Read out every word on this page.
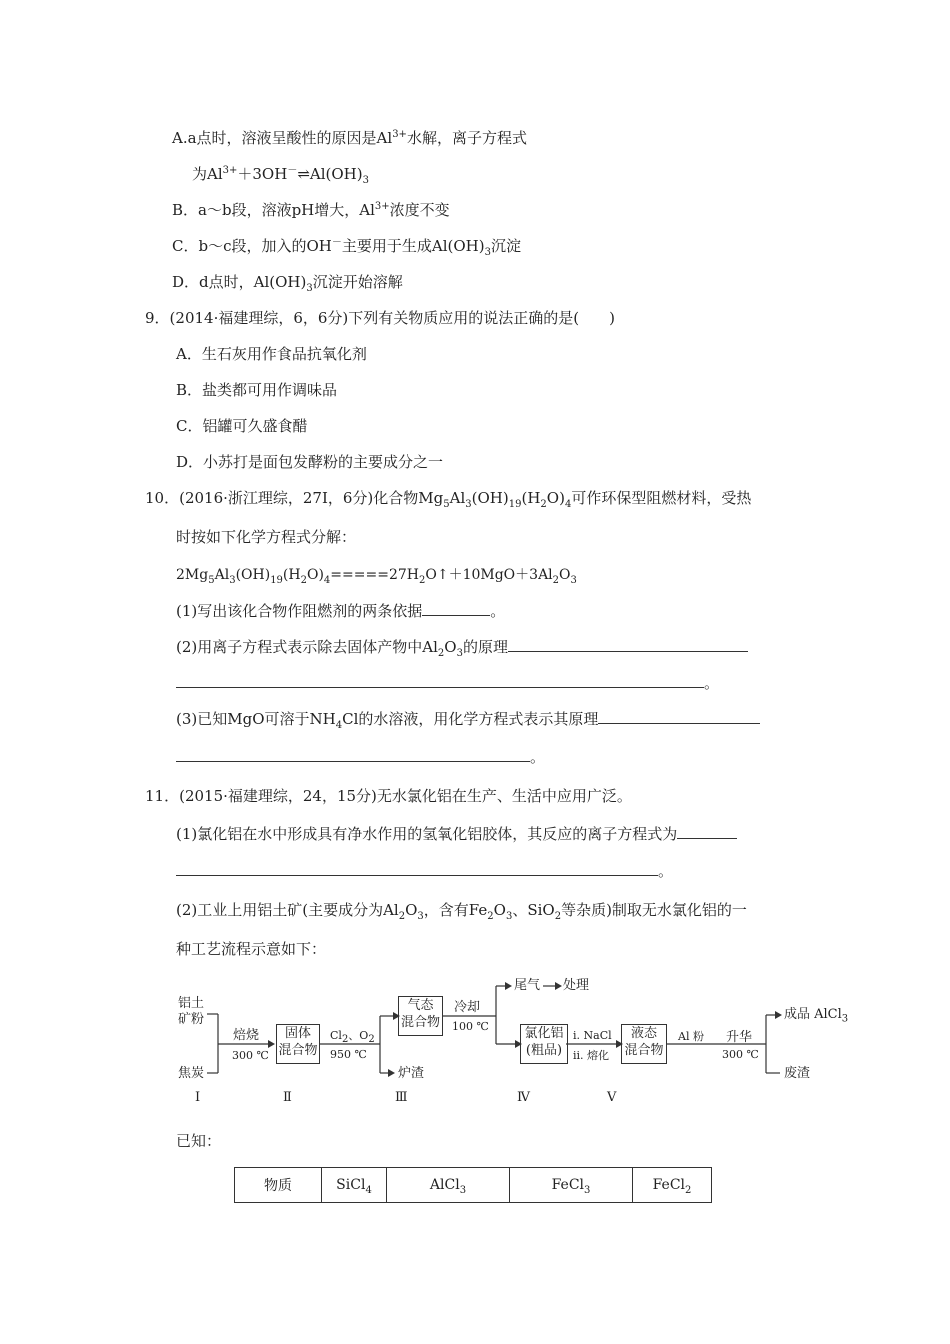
A.a点时，溶液呈酸性的原因是$Al^{3+}$水解，离子方程式
为$Al^{3+}+3OH^-\rightleftharpoons Al(OH)_3$
B．a～b段，溶液pH增大，$Al^{3+}$浓度不变
C．b～c段，加入的OH－主要用于生成$Al(OH)_3$沉淀
D．d点时，$Al(OH)_3$沉淀开始溶解
9．(2014·福建理综，6，6分)下列有关物质应用的说法正确的是(　　)
A．生石灰用作食品抗氧化剂
B．盐类都可用作调味品
C．铝罐可久盛食醋
D．小苏打是面包发酵粉的主要成分之一
10．(2016·浙江理综，27Ⅰ，6分)化合物$Mg_5Al_3(OH)_{19}(H_2O)_4$可作环保型阻燃材料，受热
时按如下化学方程式分解：
$2Mg_5Al_3(OH)_{19}(H_2O)_4=====27H_2O↑+10MgO+3Al_2O_3$
(1)写出该化合物作阻燃剂的两条依据	。
(2)用离子方程式表示除去固体产物中$Al_2O_3$的原理
。
(3)已知MgO可溶于$NH_4Cl$的水溶液，用化学方程式表示其原理
。
11．(2015·福建理综，24，15分)无水氯化铝在生产、生活中应用广泛。
(1)氯化铝在水中形成具有净水作用的氢氧化铝胶体，其反应的离子方程式为
。
(2)工业上用铝土矿(主要成分为$Al_2O_3$，含有$Fe_2O_3$、SiO$_2$等杂质)制取无水氯化铝的一
种工艺流程示意如下：
铝土
矿粉
焦炭
焙烧
300 ℃
固体
混合物
$Cl_2$、$O_2$
950 ℃
气态
混合物
炉渣
冷却
100 ℃
尾气 处理
氯化铝
(粗品)
ⅰ. NaCl
ⅱ. 熔化
液态
混合物
Al 粉 升华
300 ℃
成品 AlCl$_3$
废渣
Ⅰ	Ⅱ	Ⅲ	Ⅳ	Ⅴ
已知：
物质	SiCl$_4$	AlCl$_3$	FeCl$_3$	FeCl$_2$
